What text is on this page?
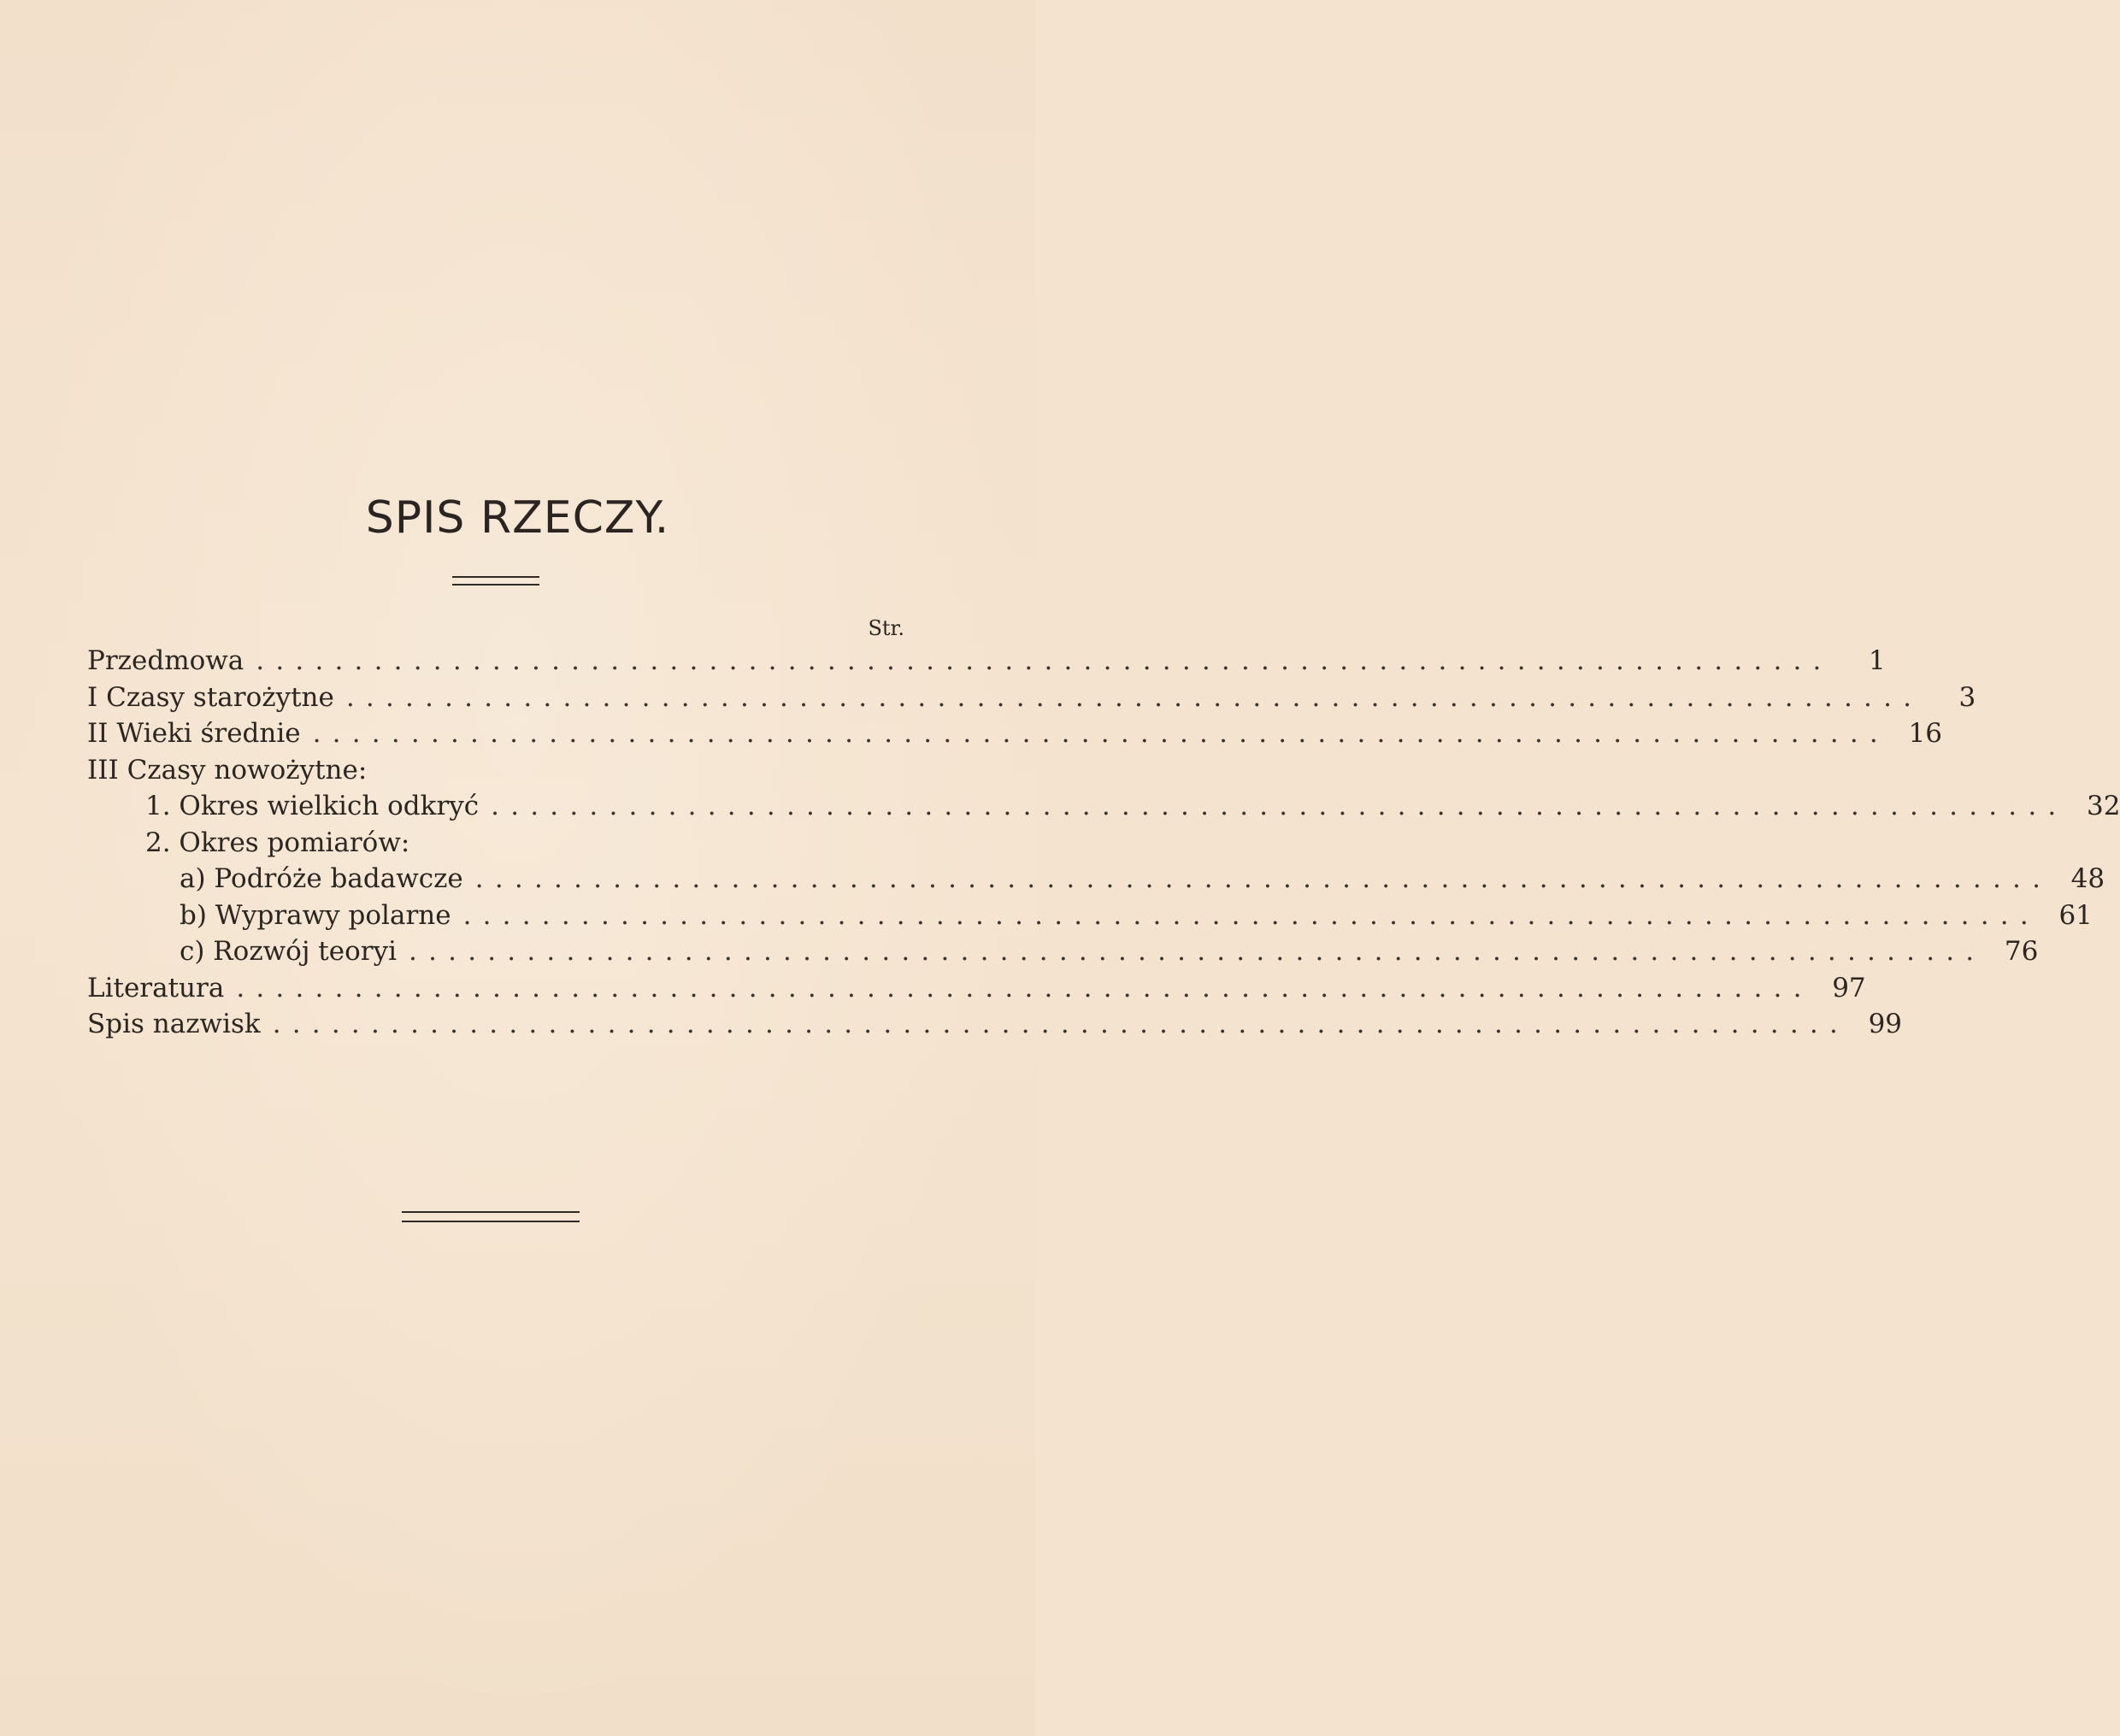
SPIS RZECZY.
Str.
Przedmowa ................................................................................	1
I Czasy starożytne ................................................................................	3
II Wieki średnie ................................................................................ 16
III Czasy nowożytne:
1. Okres wielkich odkryć ................................................................................ 32
2. Okres pomiarów:
a) Podróże badawcze ................................................................................ 48
b) Wyprawy polarne ................................................................................ 61
c) Rozwój teoryi ................................................................................ 76
Literatura ................................................................................ 97
Spis nazwisk ................................................................................ 99
